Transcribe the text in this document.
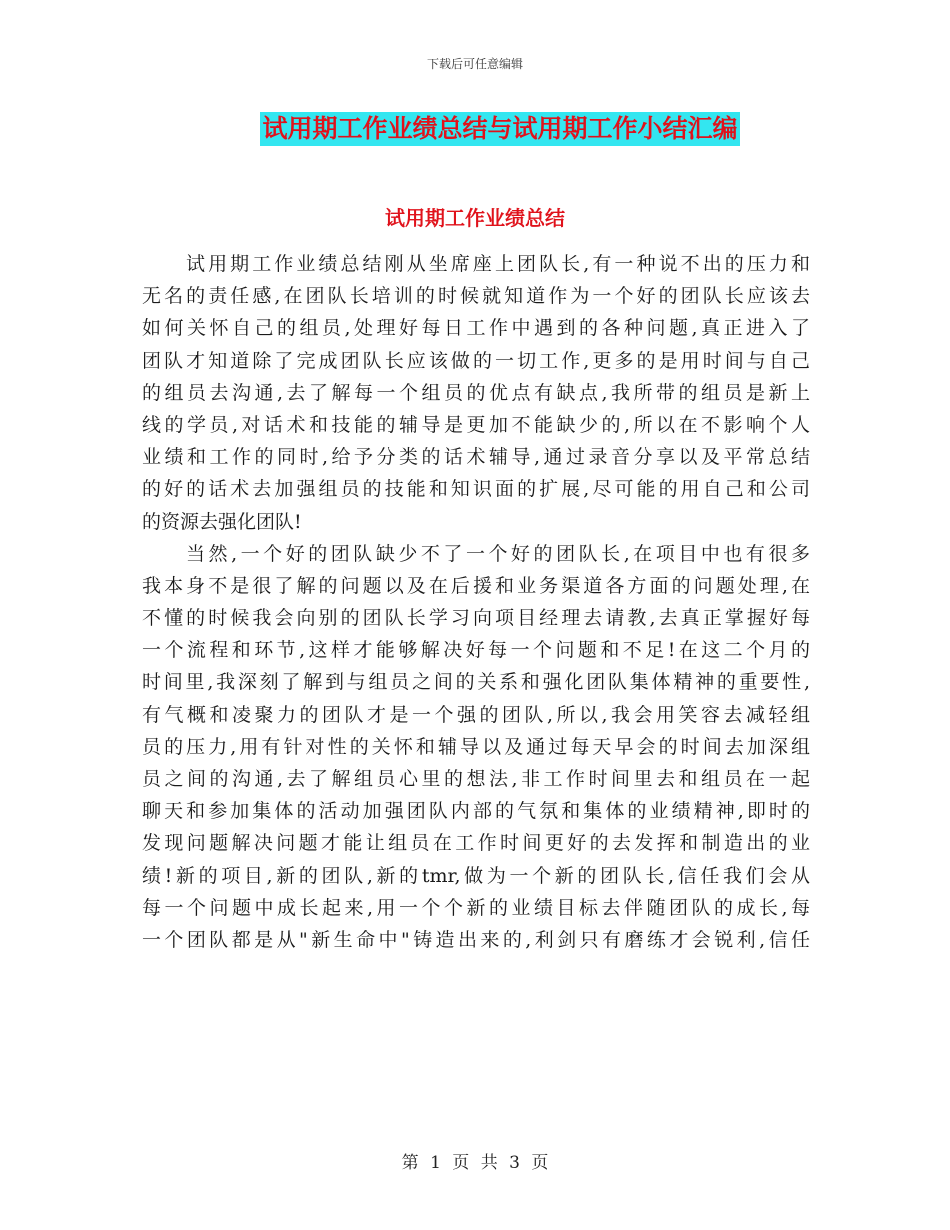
下载后可任意编辑
试用期工作业绩总结与试用期工作小结汇编
试用期工作业绩总结
试用期工作业绩总结刚从坐席座上团队长,有一种说不出的压力和
无名的责任感,在团队长培训的时候就知道作为一个好的团队长应该去
如何关怀自己的组员,处理好每日工作中遇到的各种问题,真正进入了
团队才知道除了完成团队长应该做的一切工作,更多的是用时间与自己
的组员去沟通,去了解每一个组员的优点有缺点,我所带的组员是新上
线的学员,对话术和技能的辅导是更加不能缺少的,所以在不影响个人
业绩和工作的同时,给予分类的话术辅导,通过录音分享以及平常总结
的好的话术去加强组员的技能和知识面的扩展,尽可能的用自己和公司
的资源去强化团队!
当然,一个好的团队缺少不了一个好的团队长,在项目中也有很多
我本身不是很了解的问题以及在后援和业务渠道各方面的问题处理,在
不懂的时候我会向别的团队长学习向项目经理去请教,去真正掌握好每
一个流程和环节,这样才能够解决好每一个问题和不足!在这二个月的
时间里,我深刻了解到与组员之间的关系和强化团队集体精神的重要性,
有气概和凌聚力的团队才是一个强的团队,所以,我会用笑容去减轻组
员的压力,用有针对性的关怀和辅导以及通过每天早会的时间去加深组
员之间的沟通,去了解组员心里的想法,非工作时间里去和组员在一起
聊天和参加集体的活动加强团队内部的气氛和集体的业绩精神,即时的
发现问题解决问题才能让组员在工作时间更好的去发挥和制造出的业
绩!新的项目,新的团队,新的tmr,做为一个新的团队长,信任我们会从
每一个问题中成长起来,用一个个新的业绩目标去伴随团队的成长,每
一个团队都是从"新生命中"铸造出来的,利剑只有磨练才会锐利,信任
第 1 页 共 3 页
